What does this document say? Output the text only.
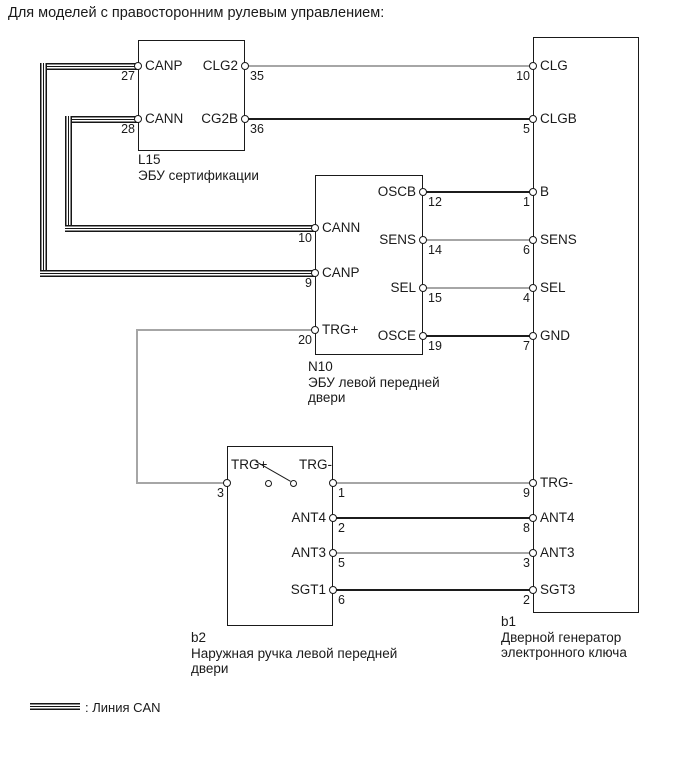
Для моделей с правосторонним рулевым управлением:
: Линия CAN
L15
ЭБУ сертификации
CANP
27
CANN
28
CLG2
35
CG2B
36
N10
ЭБУ левой передней
двери
CANN
10
CANP
9
TRG+
20
OSCB
12
SENS
14
SEL
15
OSCE
19
b2
Наружная ручка левой передней
двери
3	1
ANT4
2
ANT3
5
SGT1
6
b1
Дверной генератор
электронного ключа
CLG
10
CLGB
5
B
1
SENS
6
SEL
4
GND
7
TRG-
9
ANT4
8
ANT3
3
SGT3
2
TRG+ TRG-
